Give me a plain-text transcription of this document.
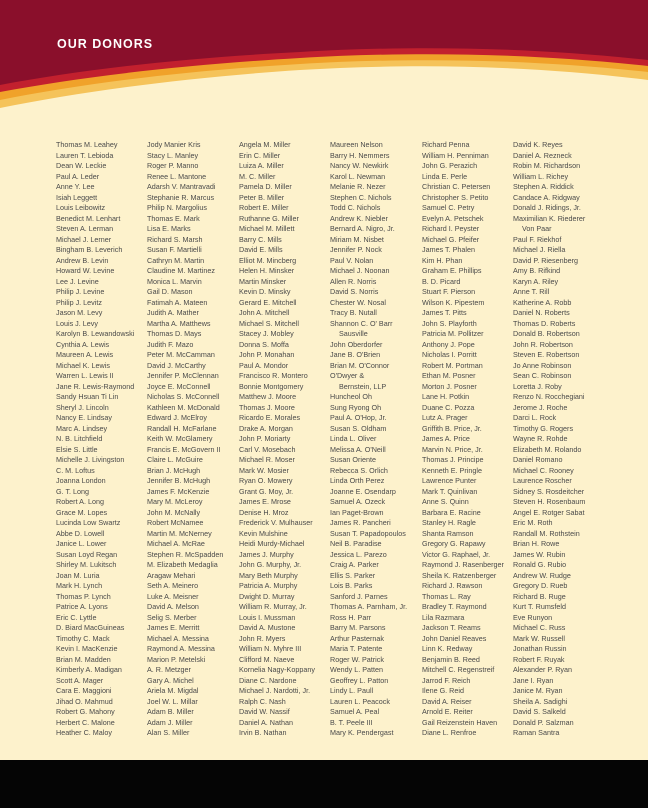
OUR DONORS
Thomas M. Leahey
Lauren T. Lebioda
Dean W. Leckie
Paul A. Leder
Anne Y. Lee
Isiah Leggett
Louis Leibowitz
Benedict M. Lenhart
Steven A. Lerman
Michael J. Lerner
Bingham B. Leverich
Andrew B. Levin
Howard W. Levine
Lee J. Levine
Philip J. Levine
Philip J. Levitz
Jason M. Levy
Louis J. Levy
Karolyn B. Lewandowski
Cynthia A. Lewis
Maureen A. Lewis
Michael K. Lewis
Warren L. Lewis II
Jane R. Lewis-Raymond
Sandy Hsuan Ti Lin
Sheryl J. Lincoln
Nancy E. Lindsay
Marc A. Lindsey
N. B. Litchfield
Elsie S. Little
Michelle J. Livingston
C. M. Loftus
Joanna London
G. T. Long
Robert A. Long
Grace M. Lopes
Lucinda Low Swartz
Abbe D. Lowell
Janice L. Lower
Susan Loyd Regan
Shirley M. Lukitsch
Joan M. Luria
Mark H. Lynch
Thomas P. Lynch
Patrice A. Lyons
Eric C. Lyttle
D. Biard MacGuineas
Timothy C. Mack
Kevin I. MacKenzie
Brian M. Madden
Kimberly A. Madigan
Scott A. Mager
Cara E. Maggioni
Jihad O. Mahmud
Robert G. Mahony
Herbert C. Malone
Heather C. Maloy
Jody Manier Kris
Stacy L. Manley
Roger P. Manno
Renee L. Mantone
Adarsh V. Mantravadi
Stephanie R. Marcus
Philip N. Margolius
Thomas E. Mark
Lisa E. Marks
Richard S. Marsh
Susan F. Martielli
Cathryn M. Martin
Claudine M. Martinez
Monica L. Marvin
Gail D. Mason
Fatimah A. Mateen
Judith A. Mather
Martha A. Matthews
Thomas D. Mays
Judith F. Mazo
Peter M. McCamman
David J. McCarthy
Jennifer P. McClennan
Joyce E. McConnell
Nicholas S. McConnell
Kathleen M. McDonald
Edward J. McElroy
Randall H. McFarlane
Keith W. McGlamery
Francis E. McGovern II
Claire L. McGuire
Brian J. McHugh
Jennifer B. McHugh
James F. McKenzie
Mary M. McLeroy
John M. McNally
Robert McNamee
Martin M. McNerney
Michael A. McRae
Stephen R. McSpadden
M. Elizabeth Medaglia
Aragaw Mehari
Seth A. Meinero
Luke A. Meisner
David A. Melson
Selig S. Merber
James E. Merritt
Michael A. Messina
Raymond A. Messina
Marion P. Metelski
A. R. Metzger
Gary A. Michel
Ariela M. Migdal
Joel W. L. Millar
Adam B. Miller
Adam J. Miller
Alan S. Miller
Angela M. Miller
Erin C. Miller
Luiza A. Miller
M. C. Miller
Pamela D. Miller
Peter B. Miller
Robert E. Miller
Ruthanne G. Miller
Michael M. Millett
Barry C. Mills
David E. Mills
Elliot M. Mincberg
Helen H. Minsker
Martin Minsker
Kevin D. Minsky
Gerard E. Mitchell
John A. Mitchell
Michael S. Mitchell
Stacey J. Mobley
Donna S. Moffa
John P. Monahan
Paul A. Mondor
Francisco R. Montero
Bonnie Montgomery
Matthew J. Moore
Thomas J. Moore
Ricardo E. Morales
Drake A. Morgan
John P. Moriarty
Carl V. Mosebach
Michael R. Moser
Mark W. Mosier
Ryan O. Mowery
Grant G. Moy, Jr.
James E. Mrose
Denise H. Mroz
Frederick V. Mulhauser
Kevin Mulshine
Heidi Murdy-Michael
James J. Murphy
John G. Murphy, Jr.
Mary Beth Murphy
Patricia A. Murphy
Dwight D. Murray
William R. Murray, Jr.
Louis I. Mussman
David A. Mustone
John R. Myers
William N. Myhre III
Clifford M. Naeve
Kornelia Nagy-Koppany
Diane C. Nardone
Michael J. Nardotti, Jr.
Ralph C. Nash
David W. Nassif
Daniel A. Nathan
Irvin B. Nathan
Maureen Nelson
Barry H. Nemmers
Nancy W. Newkirk
Karol L. Newman
Melanie R. Nezer
Stephen C. Nichols
Todd C. Nichols
Andrew K. Niebler
Bernard A. Nigro, Jr.
Miriam M. Nisbet
Jennifer P. Nock
Paul V. Nolan
Michael J. Noonan
Allen R. Norris
David S. Norris
Chester W. Nosal
Tracy B. Nutall
Shannon C. O' Barr
Sausville
John Oberdorfer
Jane B. O'Brien
Brian M. O'Connor
O'Dwyer &
Bernstein, LLP
Huncheol Oh
Sung Ryong Oh
Paul A. O'Hop, Jr.
Susan S. Oldham
Linda L. Oliver
Melissa A. O'Neill
Susan Oriente
Rebecca S. Orlich
Linda Orth Perez
Joanne E. Osendarp
Samuel A. Ozeck
Ian Paget-Brown
James R. Pancheri
Susan T. Papadopoulos
Neil B. Paradise
Jessica L. Parezo
Craig A. Parker
Ellis S. Parker
Lois B. Parks
Sanford J. Parnes
Thomas A. Parnham, Jr.
Ross H. Parr
Barry M. Parsons
Arthur Pasternak
Maria T. Patente
Roger W. Patrick
Wendy L. Patten
Geoffrey L. Patton
Lindy L. Paull
Lauren L. Peacock
Samuel A. Peal
B. T. Peele III
Mary K. Pendergast
Richard Penna
William H. Penniman
John G. Perazich
Linda E. Perle
Christian C. Petersen
Christopher S. Petito
Samuel C. Petry
Evelyn A. Petschek
Richard I. Peyster
Michael G. Pfeifer
James T. Phalen
Kim H. Phan
Graham E. Phillips
B. D. Picard
Stuart F. Pierson
Wilson K. Pipestem
James T. Pitts
John S. Playforth
Patricia M. Pollitzer
Anthony J. Pope
Nicholas I. Porritt
Robert M. Portman
Ethan M. Posner
Morton J. Posner
Lane H. Potkin
Duane C. Pozza
Lutz A. Prager
Griffith B. Price, Jr.
James A. Price
Marvin N. Price, Jr.
Thomas J. Principe
Kenneth E. Pringle
Lawrence Punter
Mark T. Quinlivan
Anne S. Quinn
Barbara E. Racine
Stanley H. Ragle
Shanta Ramson
Gregory G. Rapawy
Victor G. Raphael, Jr.
Raymond J. Rasenberger
Sheila K. Ratzenberger
Richard J. Rawson
Thomas L. Ray
Bradley T. Raymond
Lila Razmara
Jackson T. Reams
John Daniel Reaves
Linn K. Redway
Benjamin B. Reed
Mitchell C. Regenstreif
Jarrod F. Reich
Ilene G. Reid
David A. Reiser
Arnold E. Reiter
Gail Reizenstein Haven
Diane L. Renfroe
David K. Reyes
Daniel A. Rezneck
Robin M. Richardson
William L. Richey
Stephen A. Riddick
Candace A. Ridgway
Donald J. Ridings, Jr.
Maximilian K. Riederer
Von Paar
Paul F. Riekhof
Michael J. Riella
David P. Riesenberg
Amy B. Rifkind
Karyn A. Riley
Anne T. Rill
Katherine A. Robb
Daniel N. Roberts
Thomas D. Roberts
Donald B. Robertson
John R. Robertson
Steven E. Robertson
Jo Anne Robinson
Sean C. Robinson
Loretta J. Roby
Renzo N. Rocchegiani
Jerome J. Roche
Darci L. Rock
Timothy G. Rogers
Wayne R. Rohde
Elizabeth M. Rolando
Daniel Romano
Michael C. Rooney
Laurence Roscher
Sidney S. Rosdeitcher
Steven H. Rosenbaum
Angel E. Rotger Sabat
Eric M. Roth
Randall M. Rothstein
Brian H. Rowe
James W. Rubin
Ronald G. Rubio
Andrew W. Rudge
Gregory D. Rueb
Richard B. Ruge
Kurt T. Rumsfeld
Eve Runyon
Michael C. Russ
Mark W. Russell
Jonathan Russin
Robert F. Ruyak
Alexander P. Ryan
Jane I. Ryan
Janice M. Ryan
Sheila A. Sadighi
David S. Salkeld
Donald P. Salzman
Raman Santra
